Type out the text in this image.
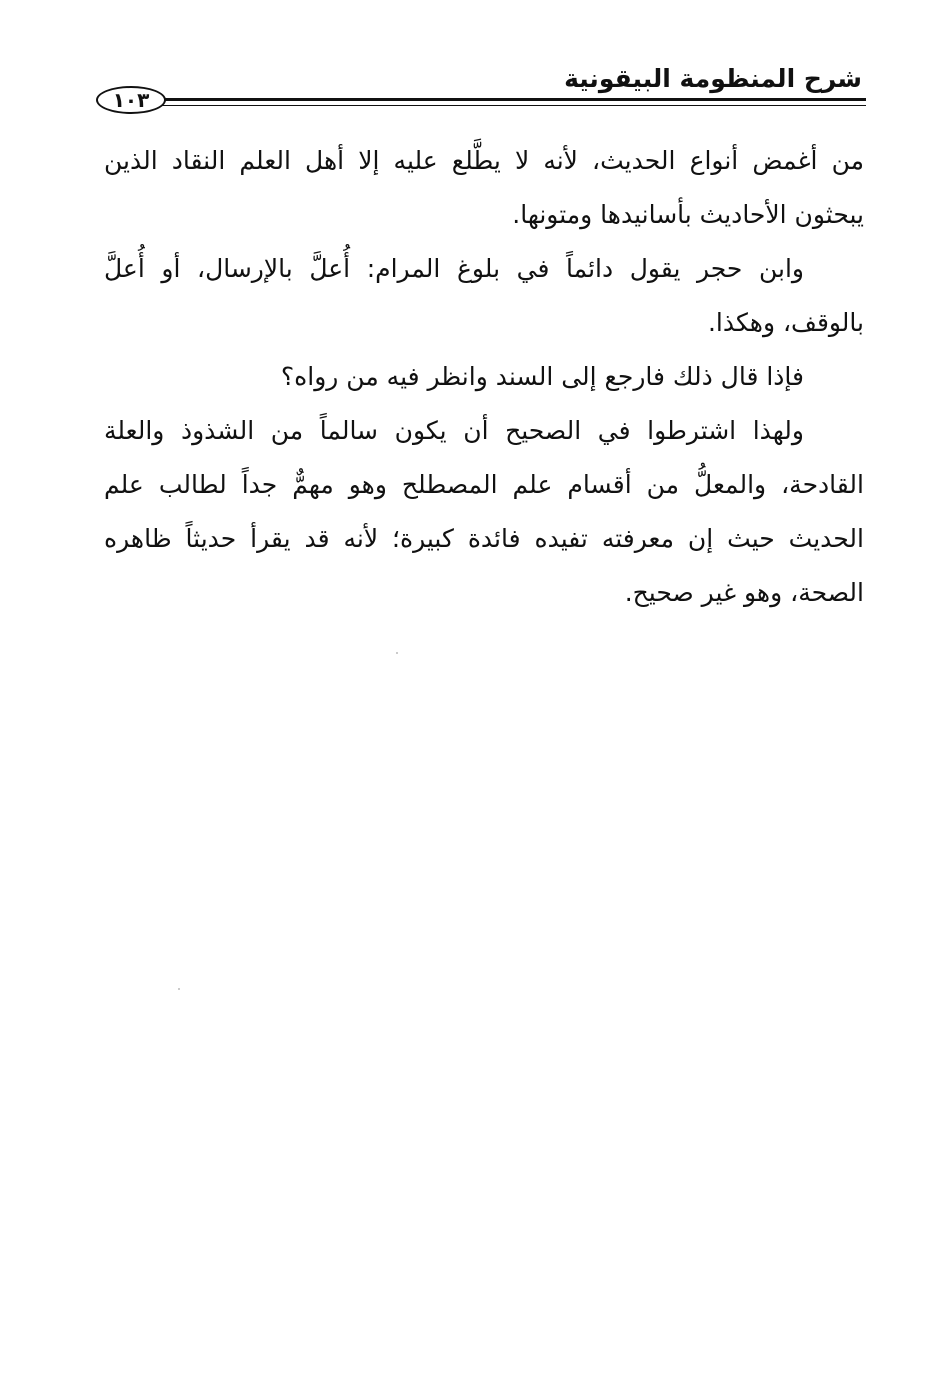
شرح المنظومة البيقونية
١٠٣

من أغمض أنواع الحديث، لأنه لا يطَّلع عليه إلا أهل العلم النقاد الذين يبحثون الأحاديث بأسانيدها ومتونها.

وابن حجر يقول دائماً في بلوغ المرام: أُعلَّ بالإرسال، أو أُعلَّ بالوقف، وهكذا.

فإذا قال ذلك فارجع إلى السند وانظر فيه من رواه؟

ولهذا اشترطوا في الصحيح أن يكون سالماً من الشذوذ والعلة القادحة، والمعلُّ من أقسام علم المصطلح وهو مهمٌّ جداً لطالب علم الحديث حيث إن معرفته تفيده فائدة كبيرة؛ لأنه قد يقرأ حديثاً ظاهره الصحة، وهو غير صحيح.
